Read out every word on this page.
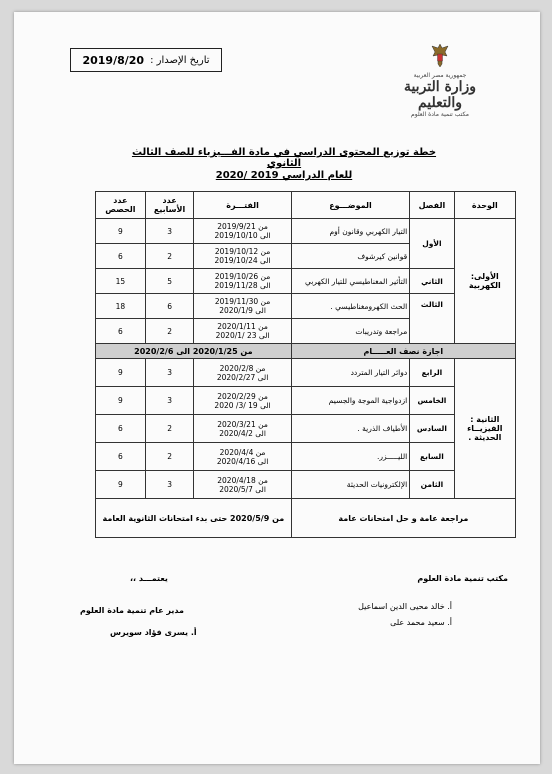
تاريخ الإصدار :
2019/8/20
جمهورية مصر العربية
وزارة التربية والتعليم
مكتب تنمية مادة العلوم
خطة توزيع المحتوى الدراسي في مادة الفـــيزياء للصف الثالث الثانوي
للعام الدراسي 2019 /2020
الوحدة	الفصل	الموضـــوع	الفتـــرة	عدد الأسابيع	عدد الحصص
الأولى: الكهربية	الأول	التيار الكهربي وقانون أوم	من 2019/9/21
الى 2019/10/10	3	9
		قوانين كيرشوف	من 2019/10/12
الى 2019/10/24	2	6
	الثاني	التأثير المغناطيسي للتيار الكهربي	من 2019/10/26
الى 2019/11/28	5	15
	الثالث	الحث الكهرومغناطيسي .	من 2019/11/30
الى 2020/1/9	6	18
		مراجعة وتدريبات	من 2020/1/11
الى 23 /2020/1	2	6
اجازة نصف العـــــام			من 2020/1/25 الى 2020/2/6		
الثانية : الفيزيــاء الحديثة .	الرابع	دوائر التيار المتردد	من 2020/2/8
الى 2020/2/27	3	9
	الخامس	ازدواجية الموجة والجسيم	من 2020/2/29
الى 19 /3/ 2020	3	9
	السادس	الأطياف الذرية .	من 2020/3/21
الى 2020/4/2	2	6
	السابع	الليـــــزر.	من 2020/4/4
الى 2020/4/16	2	6
	الثامن	الإلكترونيات الحديثة	من 2020/4/18
الى 2020/5/7	3	9
مراجعة عامة و حل امتحانات عامة			من 2020/5/9 حتى بدء امتحانات الثانوية العامة		
مكتب تنمية مادة العلوم
أ. خالد محيى الدين اسماعيل
أ. سعيد محمد على
يعتمـــد ،،
مدير عام تنمية مادة العلوم
أ. يسرى فؤاد سويرس
